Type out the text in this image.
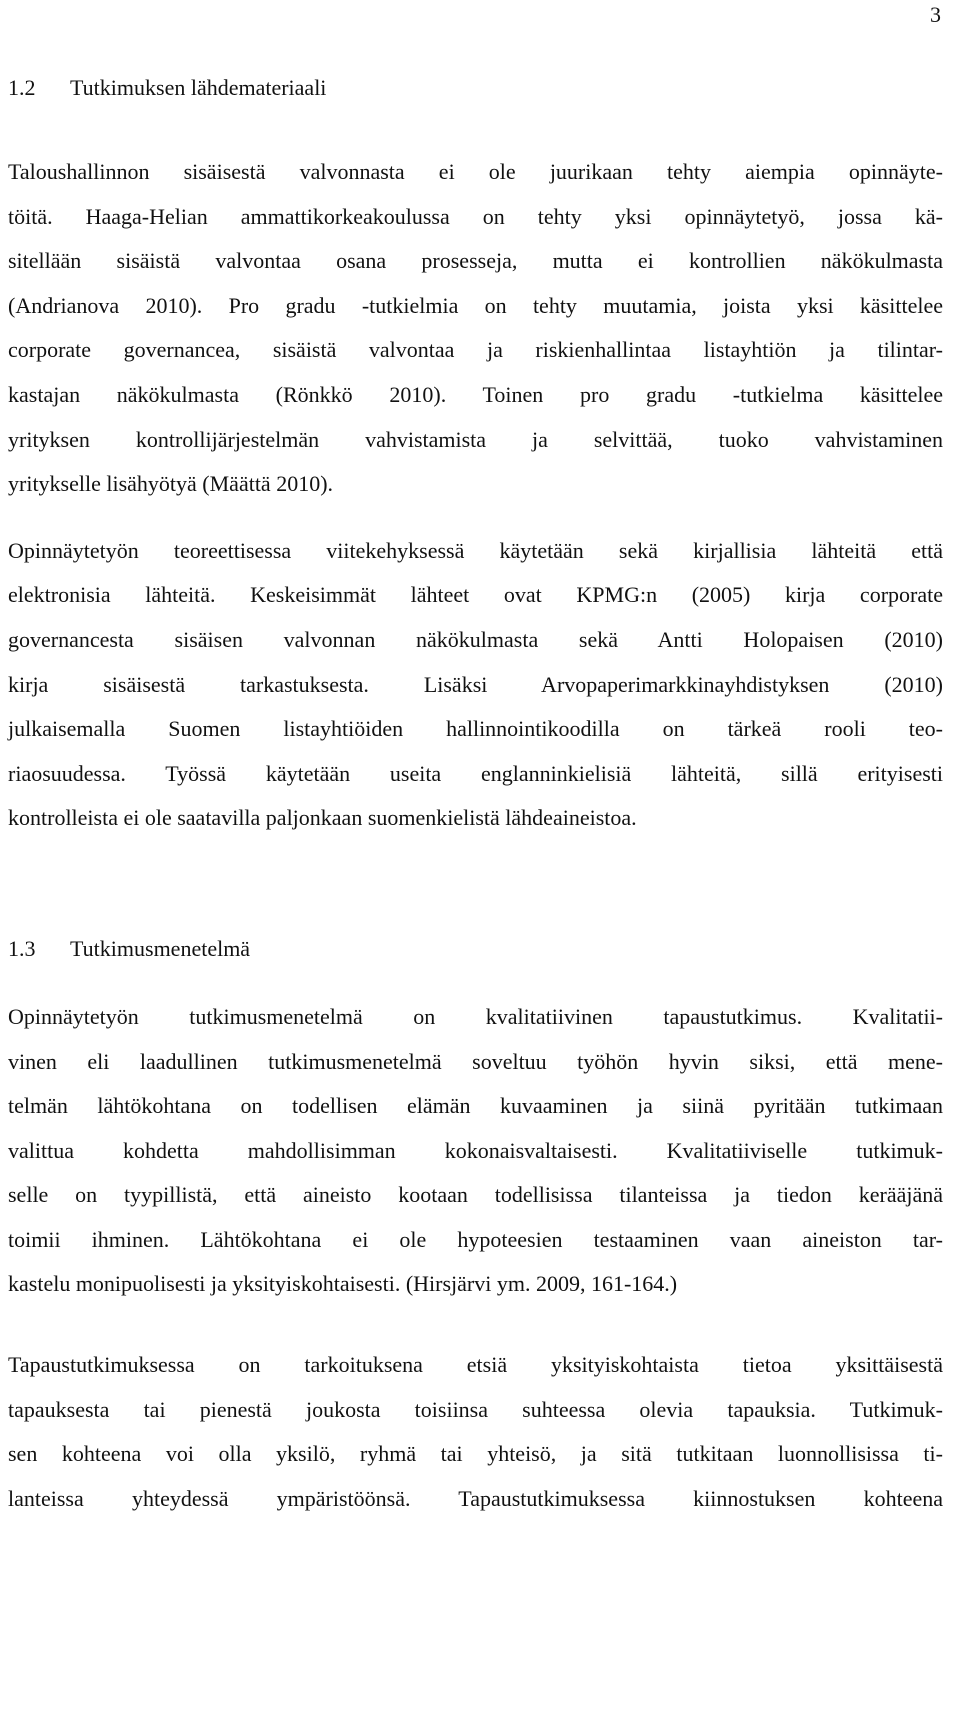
3
1.2 Tutkimuksen lähdemateriaali
Taloushallinnon sisäisestä valvonnasta ei ole juurikaan tehty aiempia opinnäyte-
töitä. Haaga-Helian ammattikorkeakoulussa on tehty yksi opinnäytetyö, jossa kä-
sitellään sisäistä valvontaa osana prosesseja, mutta ei kontrollien näkökulmasta
(Andrianova 2010). Pro gradu -tutkielmia on tehty muutamia, joista yksi käsittelee
corporate governancea, sisäistä valvontaa ja riskienhallintaa listayhtiön ja tilintar-
kastajan näkökulmasta (Rönkkö 2010). Toinen pro gradu -tutkielma käsittelee
yrityksen kontrollijärjestelmän vahvistamista ja selvittää, tuoko vahvistaminen
yritykselle lisähyötyä (Määttä 2010).
Opinnäytetyön teoreettisessa viitekehyksessä käytetään sekä kirjallisia lähteitä että
elektronisia lähteitä. Keskeisimmät lähteet ovat KPMG:n (2005) kirja corporate
governancesta sisäisen valvonnan näkökulmasta sekä Antti Holopaisen (2010)
kirja sisäisestä tarkastuksesta. Lisäksi Arvopaperimarkkinayhdistyksen (2010)
julkaisemalla Suomen listayhtiöiden hallinnointikoodilla on tärkeä rooli teo-
riaosuudessa. Työssä käytetään useita englanninkielisiä lähteitä, sillä erityisesti
kontrolleista ei ole saatavilla paljonkaan suomenkielistä lähdeaineistoa.
1.3 Tutkimusmenetelmä
Opinnäytetyön tutkimusmenetelmä on kvalitatiivinen tapaustutkimus. Kvalitatii-
vinen eli laadullinen tutkimusmenetelmä soveltuu työhön hyvin siksi, että mene-
telmän lähtökohtana on todellisen elämän kuvaaminen ja siinä pyritään tutkimaan
valittua kohdetta mahdollisimman kokonaisvaltaisesti. Kvalitatiiviselle tutkimuk-
selle on tyypillistä, että aineisto kootaan todellisissa tilanteissa ja tiedon kerääjänä
toimii ihminen. Lähtökohtana ei ole hypoteesien testaaminen vaan aineiston tar-
kastelu monipuolisesti ja yksityiskohtaisesti. (Hirsjärvi ym. 2009, 161-164.)
Tapaustutkimuksessa on tarkoituksena etsiä yksityiskohtaista tietoa yksittäisestä
tapauksesta tai pienestä joukosta toisiinsa suhteessa olevia tapauksia. Tutkimuk-
sen kohteena voi olla yksilö, ryhmä tai yhteisö, ja sitä tutkitaan luonnollisissa ti-
lanteissa yhteydessä ympäristöönsä. Tapaustutkimuksessa kiinnostuksen kohteena
